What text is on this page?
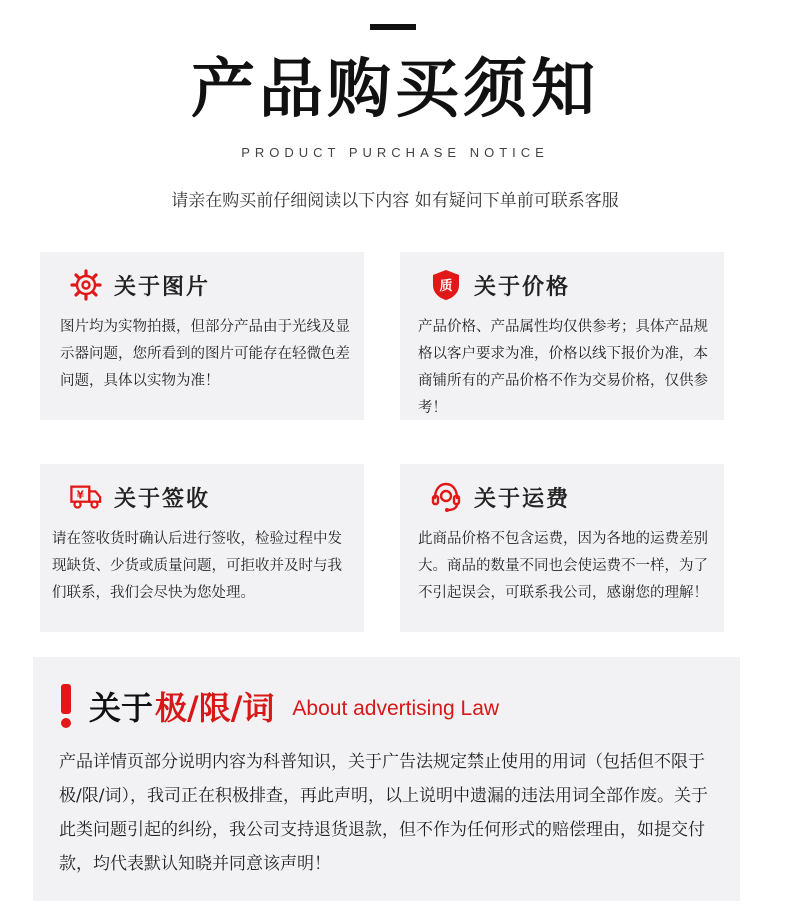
产品购买须知
PRODUCT PURCHASE NOTICE
请亲在购买前仔细阅读以下内容 如有疑问下单前可联系客服
关于图片
图片均为实物拍摄，但部分产品由于光线及显示器问题，您所看到的图片可能存在轻微色差问题，具体以实物为准！
质 关于价格
产品价格、产品属性均仅供参考；具体产品规格以客户要求为准，价格以线下报价为准，本商铺所有的产品价格不作为交易价格，仅供参考！
¥ 关于签收
请在签收货时确认后进行签收，检验过程中发现缺货、少货或质量问题，可拒收并及时与我们联系，我们会尽快为您处理。
关于运费
此商品价格不包含运费，因为各地的运费差别大。商品的数量不同也会使运费不一样，为了不引起误会，可联系我公司，感谢您的理解！
关于 极/限/词 About advertising Law
产品详情页部分说明内容为科普知识，关于广告法规定禁止使用的用词（包括但不限于极/限/词），我司正在积极排查，再此声明，以上说明中遗漏的违法用词全部作废。关于此类问题引起的纠纷，我公司支持退货退款，但不作为任何形式的赔偿理由，如提交付款，均代表默认知晓并同意该声明！
